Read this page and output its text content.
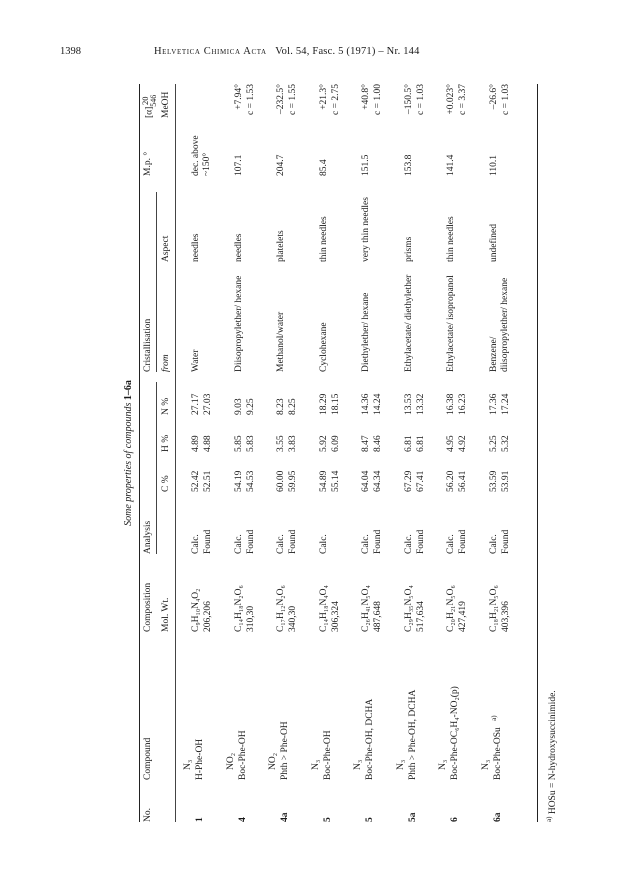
1398	Helvetica Chimica Acta Vol. 54, Fasc. 5 (1971) – Nr. 144
Some properties of compounds 1–6a
No.
Compound
Composition
Analysis
Cristallisation
M.p. °
[α]
20
546
Mol. Wt.
C %
H %
N %
from
Aspect
MeOH
1
N₃ H-Phe-OH
C₉H₁₀N₄O₂ 206,206
Calc. Found
52.42 52.51
4.89 4.88
27.17 27.03
Water
needles
dec. above ~150°
4
NO₂ Boc-Phe-OH
C₁₄H₁₈N₂O₆ 310,30
Calc. Found
54.19 54.53
5.85 5.83
9.03 9.25
Diisopropylether/ hexane
needles
107.1
+7.94° c = 1.53
4a
NO₂ Phth > Phe-OH
C₁₇H₁₂N₂O₆ 340,30
Calc. Found
60.00 59.95
3.55 3.83
8.23 8.25
Methanol/water
platelets
204.7
–232.5° c = 1.55
5
N₃ Boc-Phe-OH
C₁₄H₁₈N₄O₄ 306,324
Calc.
54.89 55.14
5.92 6.09
18.29 18.15
Cyclohexane
thin needles
85.4
+21.3° c = 2.75
5
N₃ Boc-Phe-OH, DCHA
C₂₆H₄₁N₅O₄ 487,648
Calc. Found
64.04 64.34
8.47 8.46
14.36 14.24
Diethylether/ hexane
very thin needles
151.5
+40.8° c = 1.00
5a
N₃ Phth > Phe-OH, DCHA
C₂₉H₃₅N₅O₄ 517,634
Calc. Found
67.29 67.41
6.81 6.81
13.53 13.32
Ethylacetate/ diethylether
prisms
153.8
–150.5° c = 1.03
6
N₃ Boc-Phe-OC₆H₄-NO₂(p)
C₂₀H₂₁N₅O₆ 427,419
Calc. Found
56.20 56.41
4.95 4.92
16.38 16.23
Ethylacetate/ isopropanol
thin needles
141.4
+0.023° c = 3.37
6a
N₃ Boc-Phe-OSu
a)
C₁₈H₂₁N₅O₆ 403,396
Calc. Found
53.59 53.91
5.25 5.32
17.36 17.24
Benzene/ diisopropylether/ hexane
undefined
110.1
–26.6° c = 1.03
$^{a)}$ HOSu = N-hydroxysuccinimide.
